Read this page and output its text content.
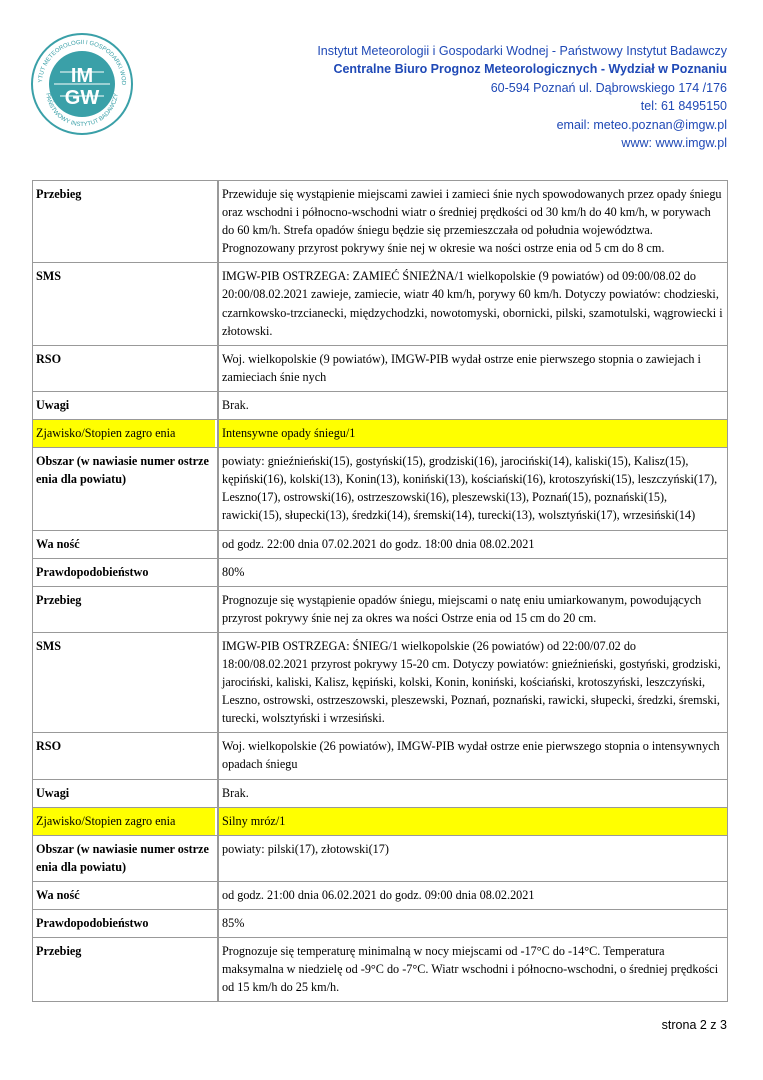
IM
GW
YTUT METEOROLOGII I GOSPODARKI WOD
PAŃSTWOWY INSTYTUT BADAWCZY
Instytut Meteorologii i Gospodarki Wodnej - Państwowy Instytut Badawczy
Centralne Biuro Prognoz Meteorologicznych - Wydział w Poznaniu
60-594 Poznań ul. Dąbrowskiego 174 /176
tel: 61 8495150
email: meteo.poznan@imgw.pl
www: www.imgw.pl
Przebieg	Przewiduje się wystąpienie miejscami zawiei i zamieci śnie nych spowodowanych przez opady śniegu oraz wschodni i północno-wschodni wiatr o średniej prędkości od 30 km/h do 40 km/h, w porywach do 60 km/h. Strefa opadów śniegu będzie się przemieszczała od południa województwa. Prognozowany przyrost pokrywy śnie nej w okresie wa ności ostrze enia od 5 cm do 8 cm.
SMS	IMGW-PIB OSTRZEGA: ZAMIEĆ ŚNIEŻNA/1 wielkopolskie (9 powiatów) od 09:00/08.02 do 20:00/08.02.2021 zawieje, zamiecie, wiatr 40 km/h, porywy 60 km/h. Dotyczy powiatów: chodzieski, czarnkowsko-trzcianecki, międzychodzki, nowotomyski, obornicki, pilski, szamotulski, wągrowiecki i złotowski.
RSO	Woj. wielkopolskie (9 powiatów), IMGW-PIB wydał ostrze enie pierwszego stopnia o zawiejach i zamieciach śnie nych
Uwagi	Brak.
Zjawisko/Stopien zagro enia	Intensywne opady śniegu/1
Obszar (w nawiasie numer ostrze enia dla powiatu)	powiaty: gnieźnieński(15), gostyński(15), grodziski(16), jarociński(14), kaliski(15), Kalisz(15), kępiński(16), kolski(13), Konin(13), koniński(13), kościański(16), krotoszyński(15), leszczyński(17), Leszno(17), ostrowski(16), ostrzeszowski(16), pleszewski(13), Poznań(15), poznański(15), rawicki(15), słupecki(13), średzki(14), śremski(14), turecki(13), wolsztyński(17), wrzesiński(14)
Wa ność	od godz. 22:00 dnia 07.02.2021 do godz. 18:00 dnia 08.02.2021
Prawdopodobieństwo	80%
Przebieg	Prognozuje się wystąpienie opadów śniegu, miejscami o natę eniu umiarkowanym, powodujących przyrost pokrywy śnie nej za okres wa ności Ostrze enia od 15 cm do 20 cm.
SMS	IMGW-PIB OSTRZEGA: ŚNIEG/1 wielkopolskie (26 powiatów) od 22:00/07.02 do 18:00/08.02.2021 przyrost pokrywy 15-20 cm. Dotyczy powiatów: gnieźnieński, gostyński, grodziski, jarociński, kaliski, Kalisz, kępiński, kolski, Konin, koniński, kościański, krotoszyński, leszczyński, Leszno, ostrowski, ostrzeszowski, pleszewski, Poznań, poznański, rawicki, słupecki, średzki, śremski, turecki, wolsztyński i wrzesiński.
RSO	Woj. wielkopolskie (26 powiatów), IMGW-PIB wydał ostrze enie pierwszego stopnia o intensywnych opadach śniegu
Uwagi	Brak.
Zjawisko/Stopien zagro enia	Silny mróz/1
Obszar (w nawiasie numer ostrze enia dla powiatu)	powiaty: pilski(17), złotowski(17)
Wa ność	od godz. 21:00 dnia 06.02.2021 do godz. 09:00 dnia 08.02.2021
Prawdopodobieństwo	85%
Przebieg	Prognozuje się temperaturę minimalną w nocy miejscami od -17°C do -14°C. Temperatura maksymalna w niedzielę od -9°C do -7°C. Wiatr wschodni i północno-wschodni, o średniej prędkości od 15 km/h do 25 km/h.
strona 2 z 3
